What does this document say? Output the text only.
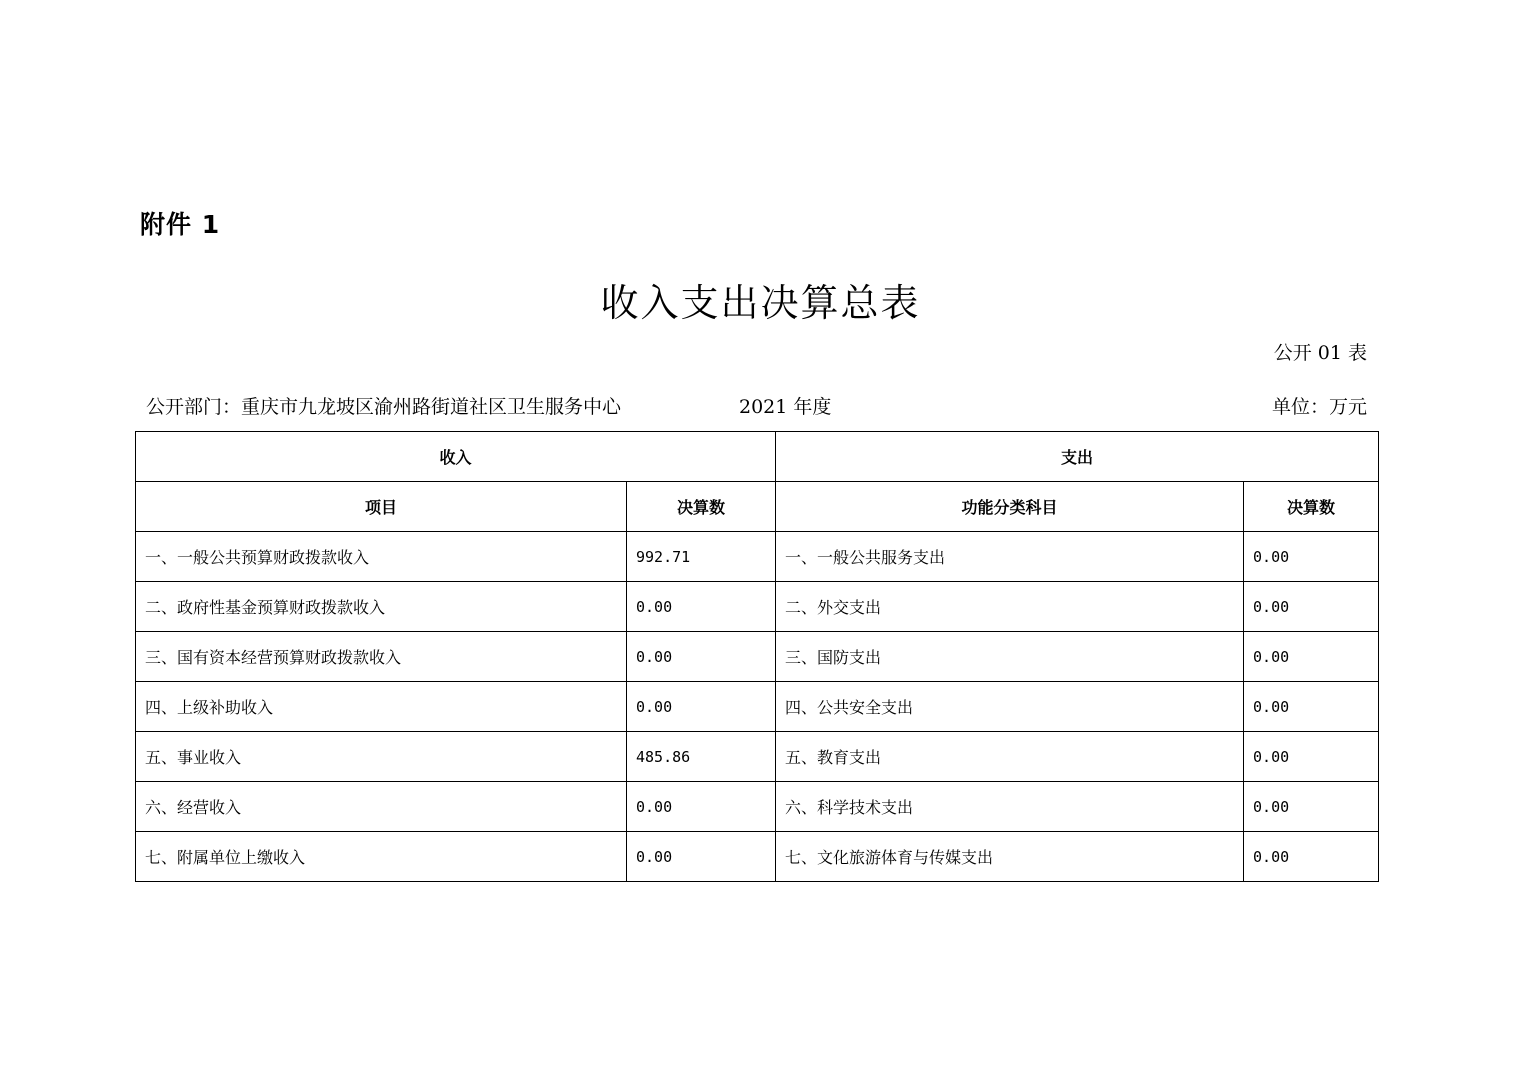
附件 1
收入支出决算总表
公开 01 表
公开部门：重庆市九龙坡区渝州路街道社区卫生服务中心	2021 年度	单位：万元
收入		支出	
项目	决算数	功能分类科目	决算数
一、一般公共预算财政拨款收入	992.71	一、一般公共服务支出	0.00
二、政府性基金预算财政拨款收入	0.00	二、外交支出	0.00
三、国有资本经营预算财政拨款收入	0.00	三、国防支出	0.00
四、上级补助收入	0.00	四、公共安全支出	0.00
五、事业收入	485.86	五、教育支出	0.00
六、经营收入	0.00	六、科学技术支出	0.00
七、附属单位上缴收入	0.00	七、文化旅游体育与传媒支出	0.00
